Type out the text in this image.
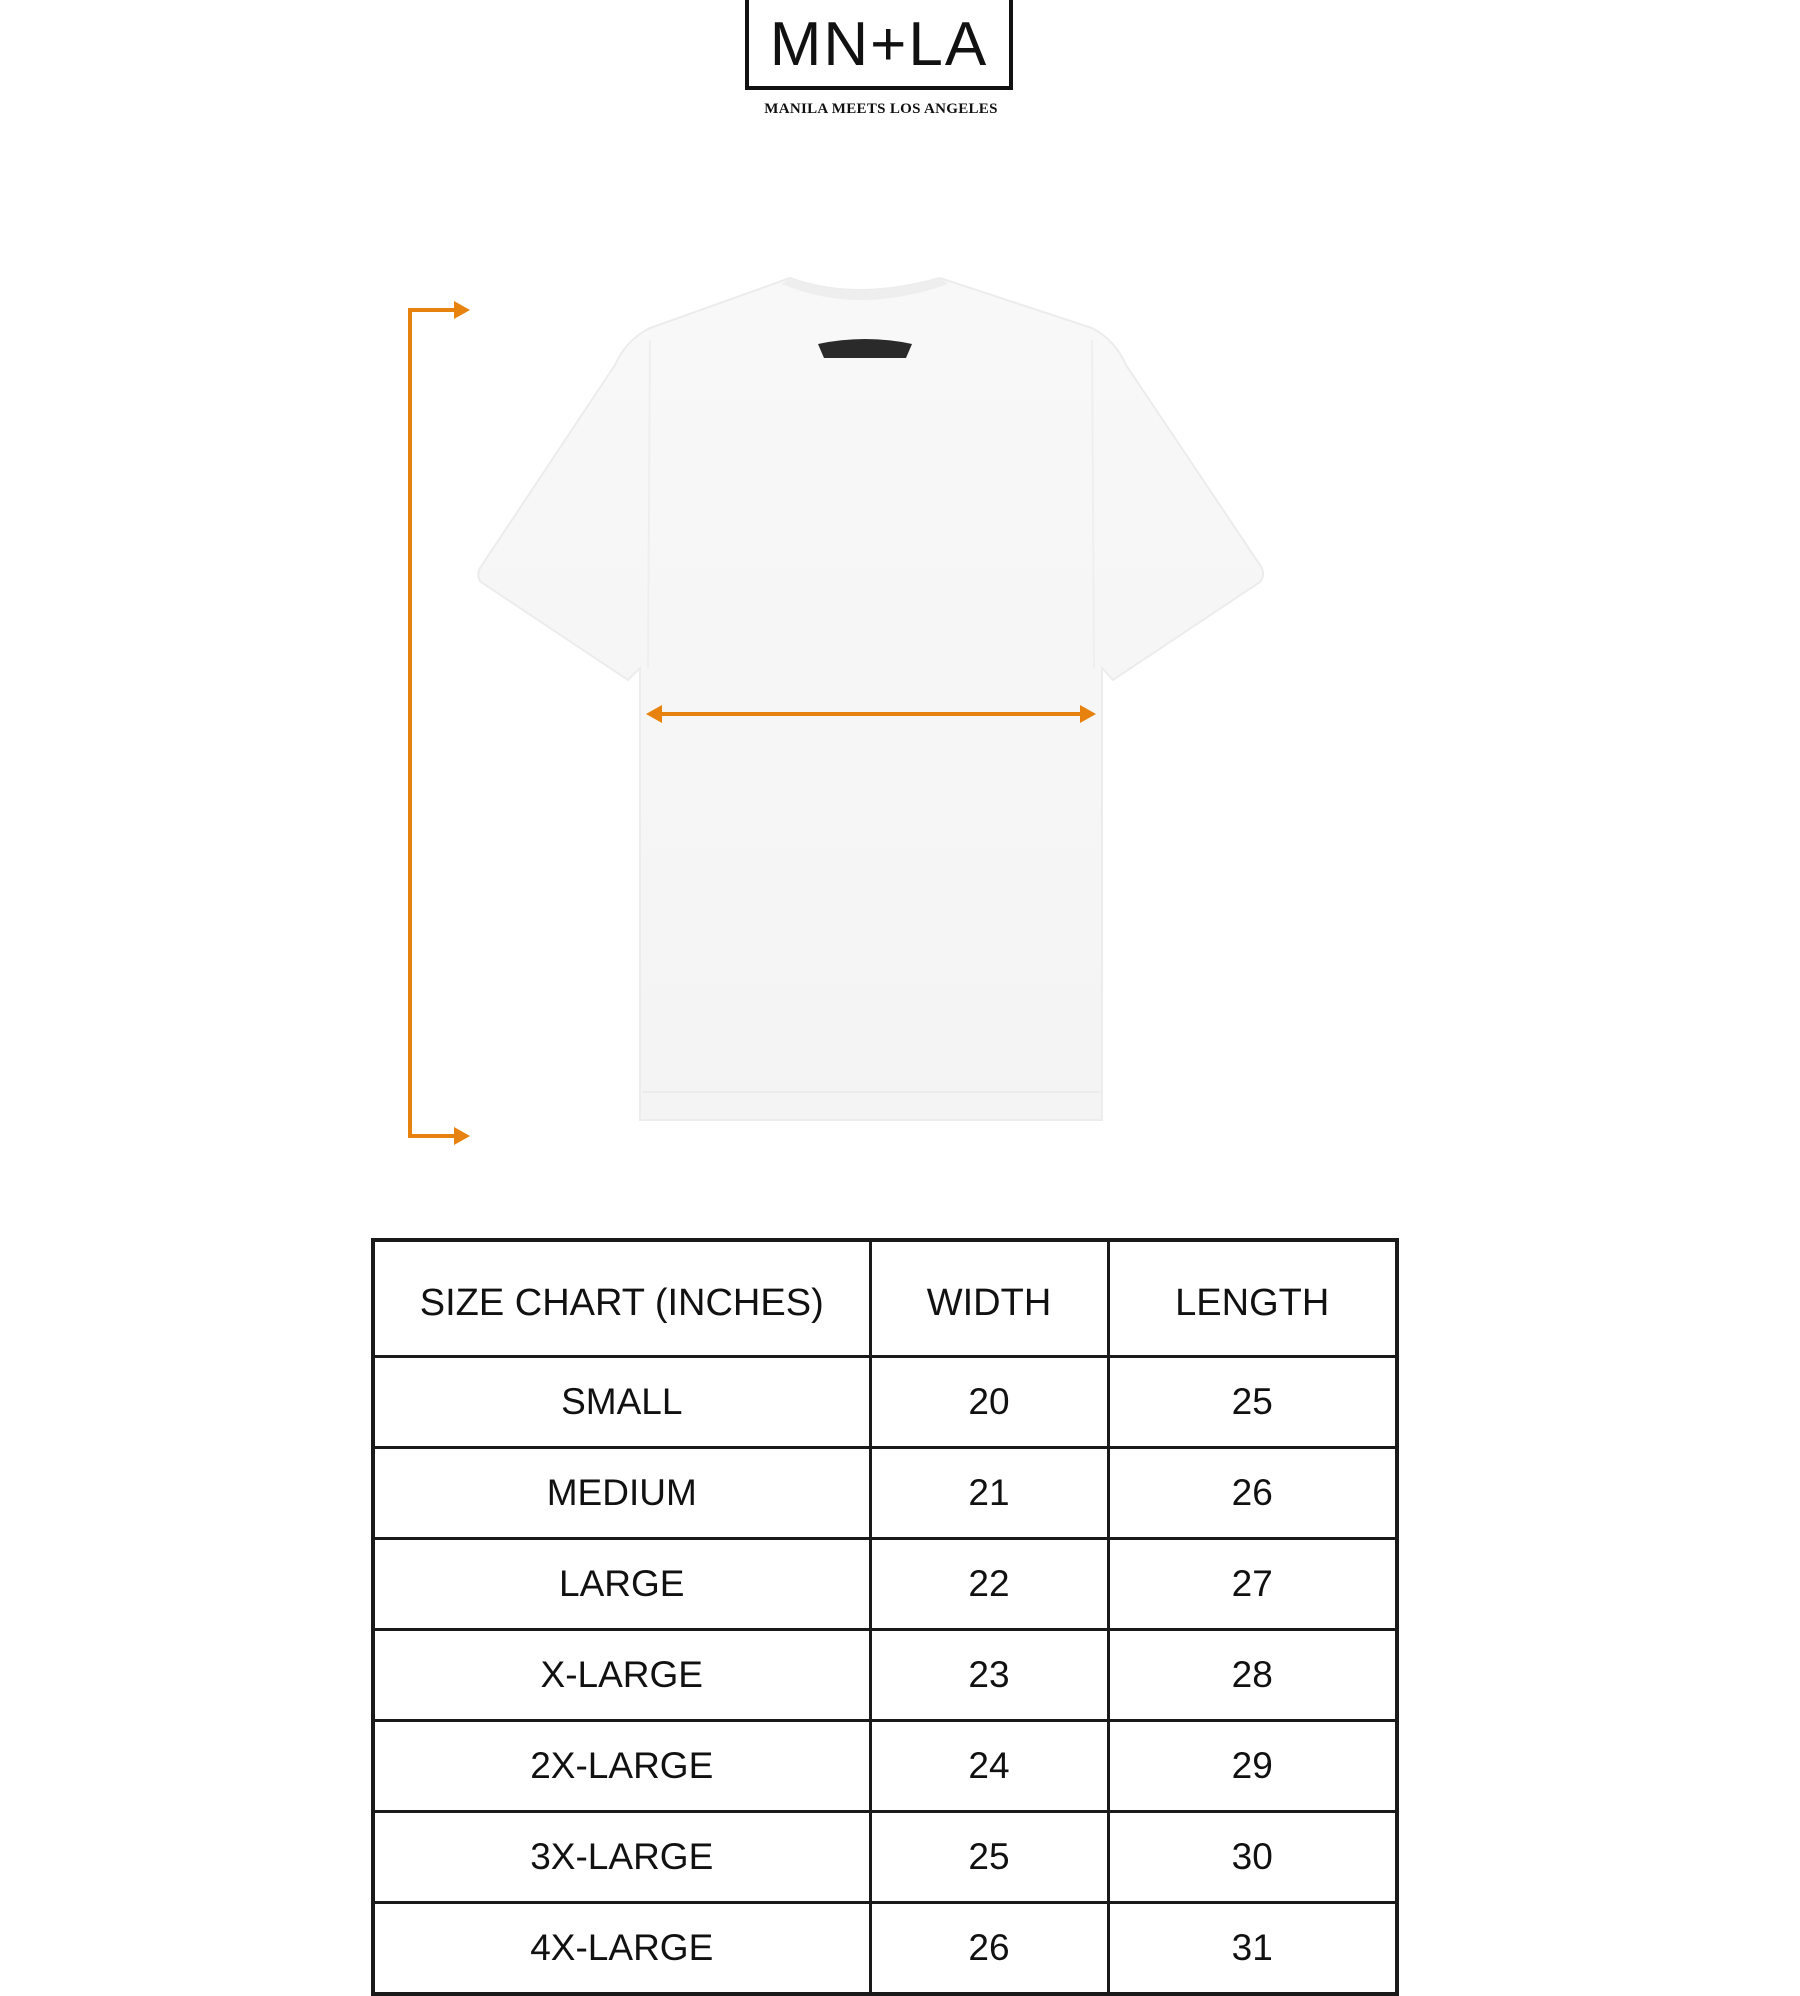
MN+LA
MANILA MEETS LOS ANGELES
SIZE CHART (INCHES)	WIDTH	LENGTH
SMALL	20	25
MEDIUM	21	26
LARGE	22	27
X-LARGE	23	28
2X-LARGE	24	29
3X-LARGE	25	30
4X-LARGE	26	31
